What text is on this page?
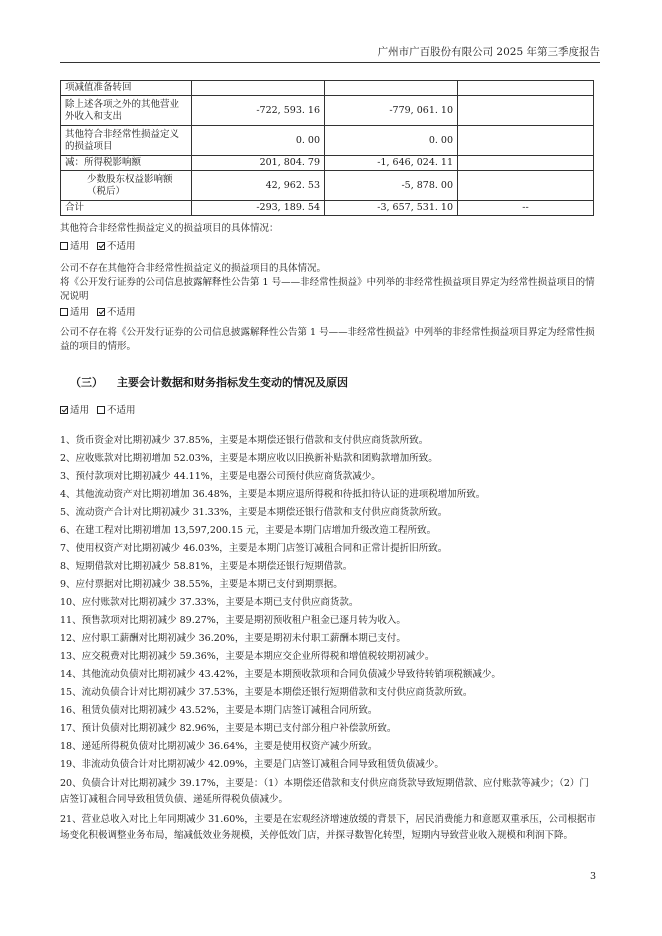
广州市广百股份有限公司 2025 年第三季度报告
项减值准备转回			
除上述各项之外的其他营业外收入和支出	-722, 593. 16	-779, 061. 10	
其他符合非经常性损益定义的损益项目	0. 00	0. 00	
减：所得税影响额	201, 804. 79	-1, 646, 024. 11	
少数股东权益影响额（税后）	42, 962. 53	-5, 878. 00	
合计	-293, 189. 54	-3, 657, 531. 10	--
其他符合非经常性损益定义的损益项目的具体情况：
适用 不适用
公司不存在其他符合非经常性损益定义的损益项目的具体情况。
将《公开发行证券的公司信息披露解释性公告第 1 号——非经常性损益》中列举的非经常性损益项目界定为经常性损益项目的情况说明
适用 不适用
公司不存在将《公开发行证券的公司信息披露解释性公告第 1 号——非经常性损益》中列举的非经常性损益项目界定为经常性损益的项目的情形。
（三） 主要会计数据和财务指标发生变动的情况及原因
适用 不适用
1、货币资金对比期初减少 37.85%，主要是本期偿还银行借款和支付供应商货款所致。
2、应收账款对比期初增加 52.03%，主要是本期应收以旧换新补贴款和团购款增加所致。
3、预付款项对比期初减少 44.11%，主要是电器公司预付供应商货款减少。
4、其他流动资产对比期初增加 36.48%，主要是本期应退所得税和待抵扣待认证的进项税增加所致。
5、流动资产合计对比期初减少 31.33%，主要是本期偿还银行借款和支付供应商货款所致。
6、在建工程对比期初增加 13,597,200.15 元，主要是本期门店增加升级改造工程所致。
7、使用权资产对比期初减少 46.03%，主要是本期门店签订减租合同和正常计提折旧所致。
8、短期借款对比期初减少 58.81%，主要是本期偿还银行短期借款。
9、应付票据对比期初减少 38.55%，主要是本期已支付到期票据。
10、应付账款对比期初减少 37.33%，主要是本期已支付供应商货款。
11、预售款项对比期初减少 89.27%，主要是期初预收租户租金已逐月转为收入。
12、应付职工薪酬对比期初减少 36.20%，主要是期初未付职工薪酬本期已支付。
13、应交税费对比期初减少 59.36%，主要是本期应交企业所得税和增值税较期初减少。
14、其他流动负债对比期初减少 43.42%，主要是本期预收款项和合同负债减少导致待转销项税额减少。
15、流动负债合计对比期初减少 37.53%，主要是本期偿还银行短期借款和支付供应商货款所致。
16、租赁负债对比期初减少 43.52%，主要是本期门店签订减租合同所致。
17、预计负债对比期初减少 82.96%，主要是本期已支付部分租户补偿款所致。
18、递延所得税负债对比期初减少 36.64%，主要是使用权资产减少所致。
19、非流动负债合计对比期初减少 42.09%，主要是门店签订减租合同导致租赁负债减少。
20、负债合计对比期初减少 39.17%，主要是：（1）本期偿还借款和支付供应商货款导致短期借款、应付账款等减少；（2）门店签订减租合同导致租赁负债、递延所得税负债减少。
21、营业总收入对比上年同期减少 31.60%，主要是在宏观经济增速放缓的背景下，居民消费能力和意愿双重承压，公司根据市场变化积极调整业务布局，缩减低效业务规模，关停低效门店，并探寻数智化转型，短期内导致营业收入规模和利润下降。
3
